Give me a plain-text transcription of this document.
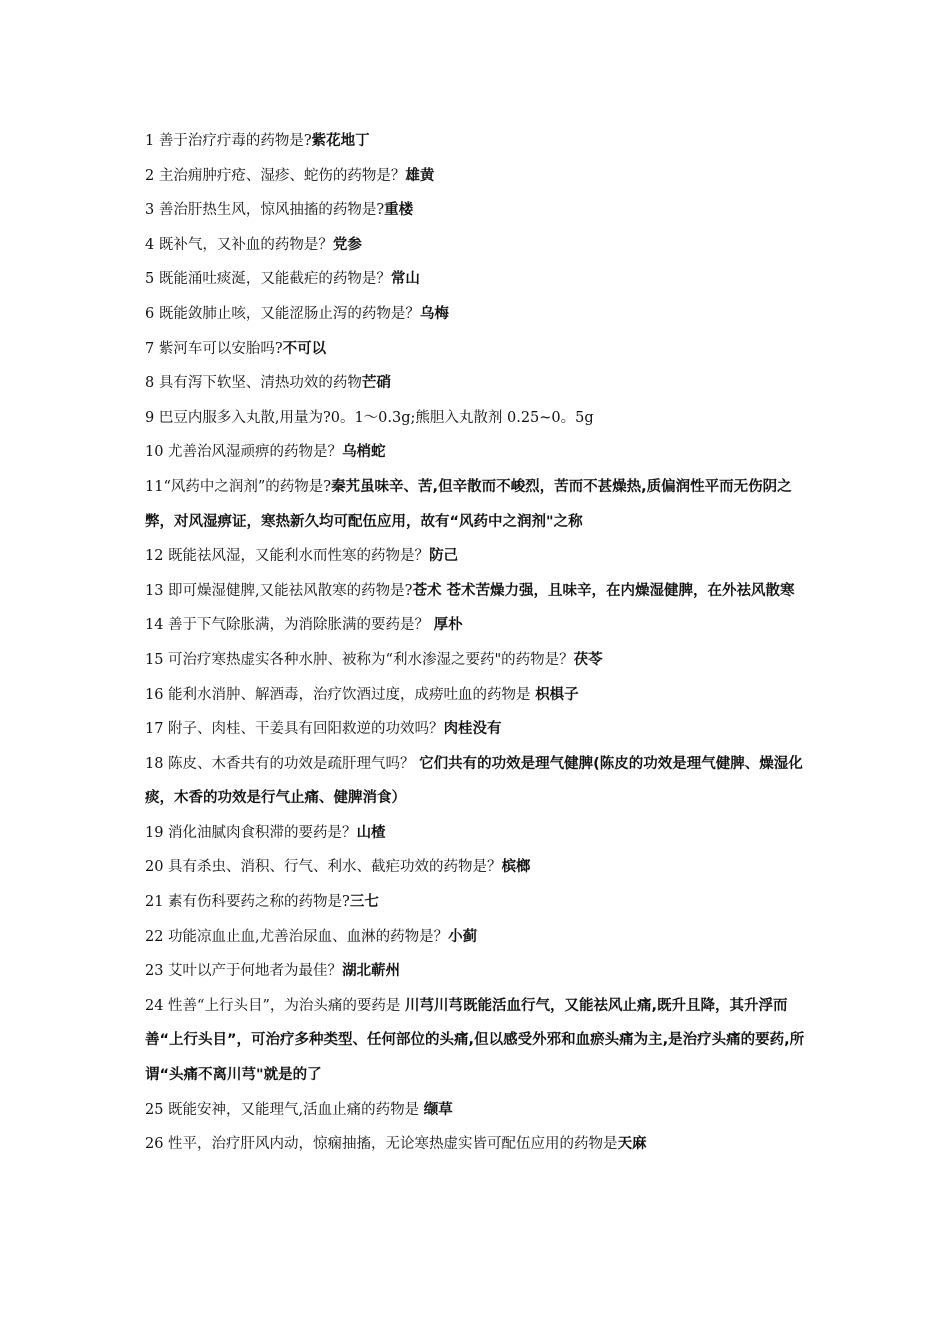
1 善于治疗疔毒的药物是?紫花地丁

2 主治痈肿疔疮、湿疹、蛇伤的药物是？雄黄

3 善治肝热生风，惊风抽搐的药物是?重楼

4 既补气，又补血的药物是？党参

5 既能涌吐痰涎，又能截疟的药物是？常山

6 既能敛肺止咳，又能涩肠止泻的药物是？乌梅

7 紫河车可以安胎吗?不可以

8 具有泻下软坚、清热功效的药物芒硝

9 巴豆内服多入丸散,用量为?0。1～0.3g;熊胆入丸散剂 0.25~0。5g

10 尤善治风湿顽痹的药物是？乌梢蛇

11“风药中之润剂”的药物是?秦艽虽味辛、苦,但辛散而不峻烈，苦而不甚燥热,质偏润性平而无伤阴之弊，对风湿痹证，寒热新久均可配伍应用，故有“风药中之润剂"之称

12 既能祛风湿，又能利水而性寒的药物是？防己

13 即可燥湿健脾,又能祛风散寒的药物是?苍术 苍术苦燥力强，且味辛，在内燥湿健脾，在外祛风散寒

14 善于下气除胀满，为消除胀满的要药是？ 厚朴

15 可治疗寒热虚实各种水肿、被称为“利水渗湿之要药"的药物是？茯苓

16 能利水消肿、解酒毒，治疗饮酒过度，成痨吐血的药物是 枳椇子

17 附子、肉桂、干姜具有回阳救逆的功效吗？肉桂没有

18 陈皮、木香共有的功效是疏肝理气吗？ 它们共有的功效是理气健脾(陈皮的功效是理气健脾、燥湿化痰，木香的功效是行气止痛、健脾消食）

19 消化油腻肉食积滞的要药是？山楂

20 具有杀虫、消积、行气、利水、截疟功效的药物是？槟榔

21 素有伤科要药之称的药物是?三七

22 功能凉血止血,尤善治尿血、血淋的药物是？小蓟

23 艾叶以产于何地者为最佳？湖北蕲州

24 性善“上行头目”，为治头痛的要药是 川芎川芎既能活血行气，又能祛风止痛,既升且降，其升浮而善“上行头目”，可治疗多种类型、任何部位的头痛,但以感受外邪和血瘀头痛为主,是治疗头痛的要药,所谓“头痛不离川芎"就是的了

25 既能安神，又能理气,活血止痛的药物是 缬草

26 性平，治疗肝风内动，惊痫抽搐，无论寒热虚实皆可配伍应用的药物是天麻
